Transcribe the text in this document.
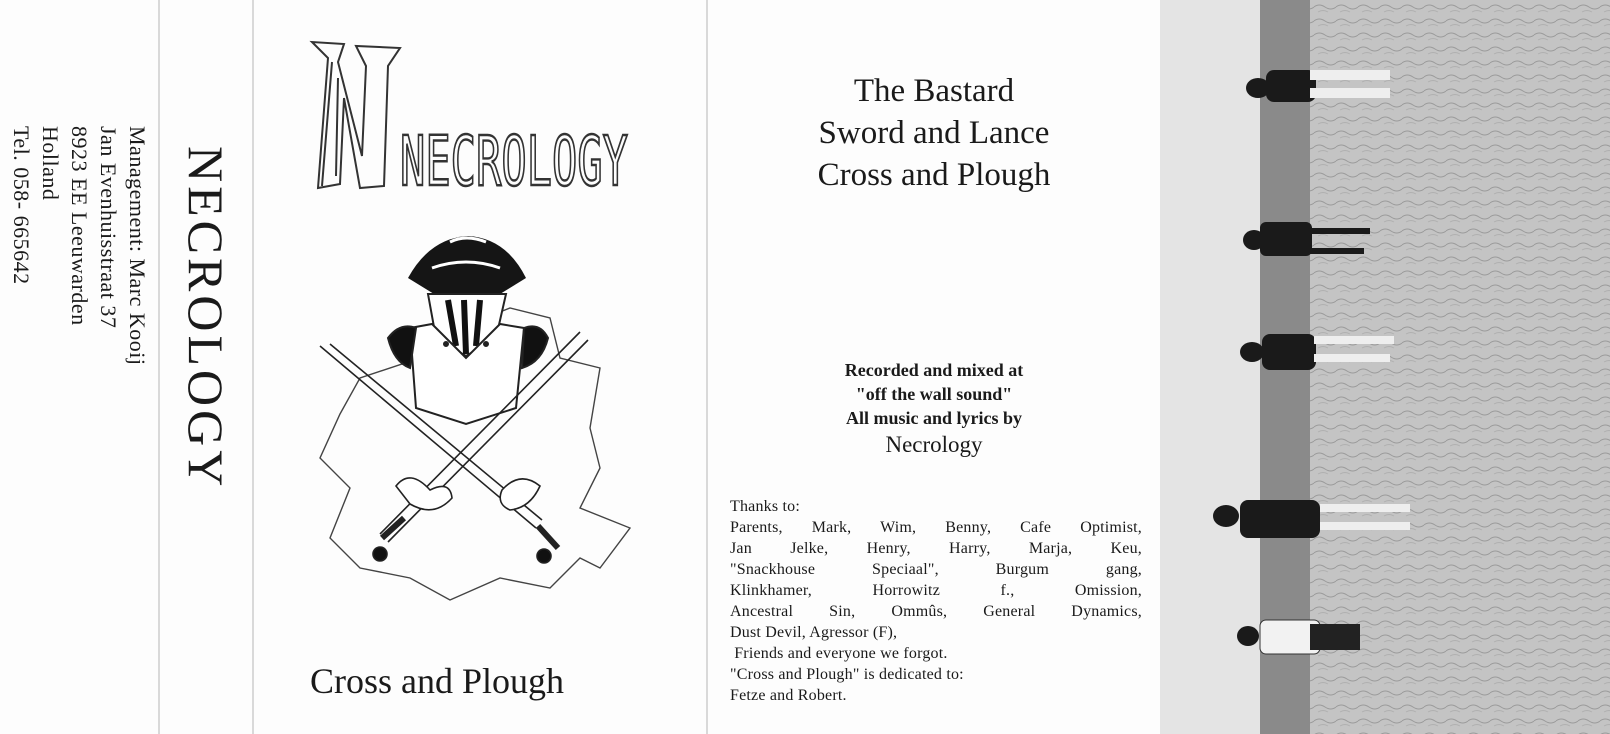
Management: Marc Kooij
Jan Evenhuisstraat 37
8923 EE Leeuwarden
Holland
Tel. 058- 665642	NECROLOGY	NECROLOGY
Cross and Plough
The Bastard
Sword and Lance
Cross and Plough
Recorded and mixed at
"off the wall sound"
All music and lyrics by
Necrology
Thanks to:
Parents, Mark, Wim, Benny, Cafe Optimist,
Jan Jelke, Henry, Harry, Marja, Keu,
"Snackhouse Speciaal", Burgum gang,
Klinkhamer, Horrowitz f., Omission,
Ancestral Sin, Ommûs, General Dynamics,
Dust Devil, Agressor (F),
Friends and everyone we forgot.
"Cross and Plough" is dedicated to:
Fetze and Robert.
